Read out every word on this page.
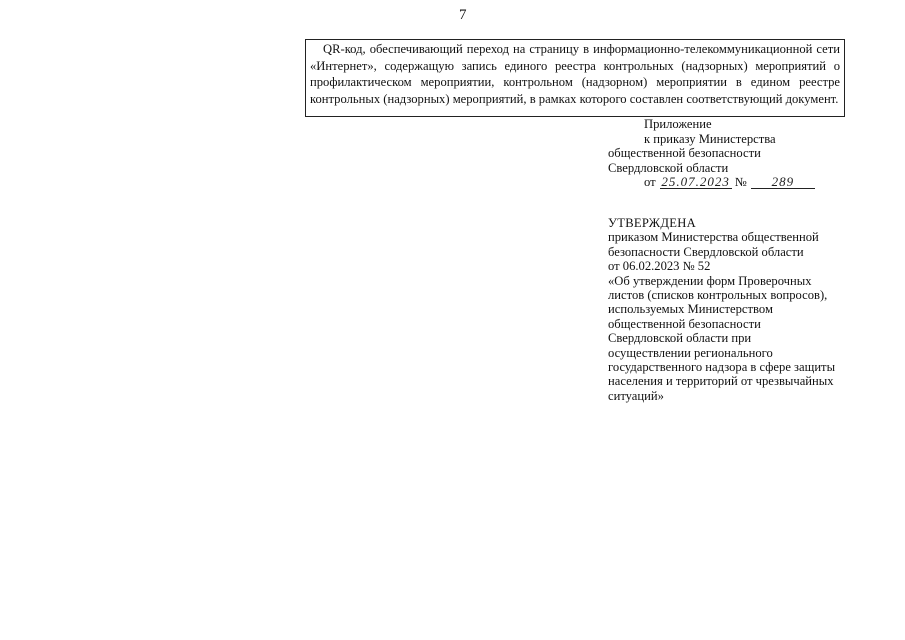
7
QR-код, обеспечивающий переход на страницу в информационно-телекоммуникационной сети «Интернет», содержащую запись единого реестра контрольных (надзорных) мероприятий о профилактическом мероприятии, контрольном (надзорном) мероприятии в едином реестре контрольных (надзорных) мероприятий, в рамках которого составлен соответствующий документ.
Приложение
к приказу Министерства
общественной безопасности
Свердловской области
от 25.07.2023 № 289
УТВЕРЖДЕНА
приказом Министерства общественной
безопасности Свердловской области
от 06.02.2023 № 52
«Об утверждении форм Проверочных
листов (списков контрольных вопросов),
используемых Министерством
общественной безопасности
Свердловской области при
осуществлении регионального
государственного надзора в сфере защиты
населения и территорий от чрезвычайных
ситуаций»
